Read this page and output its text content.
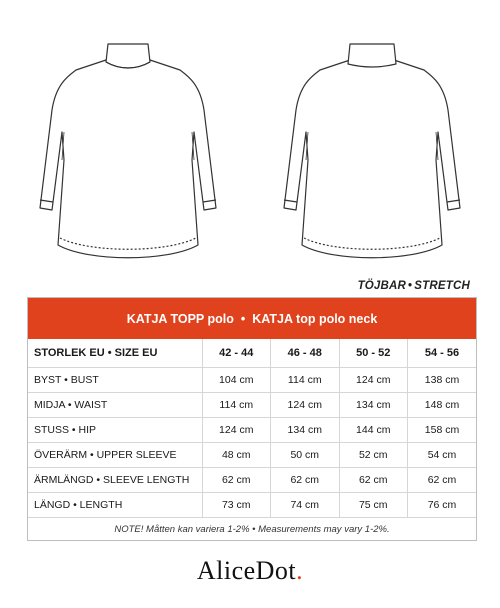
TÖJBAR • STRETCH
KATJA TOPP polo • KATJA top polo neck
STORLEK EU • SIZE EU	42 - 44	46 - 48	50 - 52	54 - 56
BYST • BUST	104 cm	114 cm	124 cm	138 cm
MIDJA • WAIST	114 cm	124 cm	134 cm	148 cm
STUSS • HIP	124 cm	134 cm	144 cm	158 cm
ÖVERÄRM • UPPER SLEEVE	48 cm	50 cm	52 cm	54 cm
ÄRMLÄNGD • SLEEVE LENGTH	62 cm	62 cm	62 cm	62 cm
LÄNGD • LENGTH	73 cm	74 cm	75 cm	76 cm
NOTE! Måtten kan variera 1-2% • Measurements may vary 1-2%.
AliceDot.
